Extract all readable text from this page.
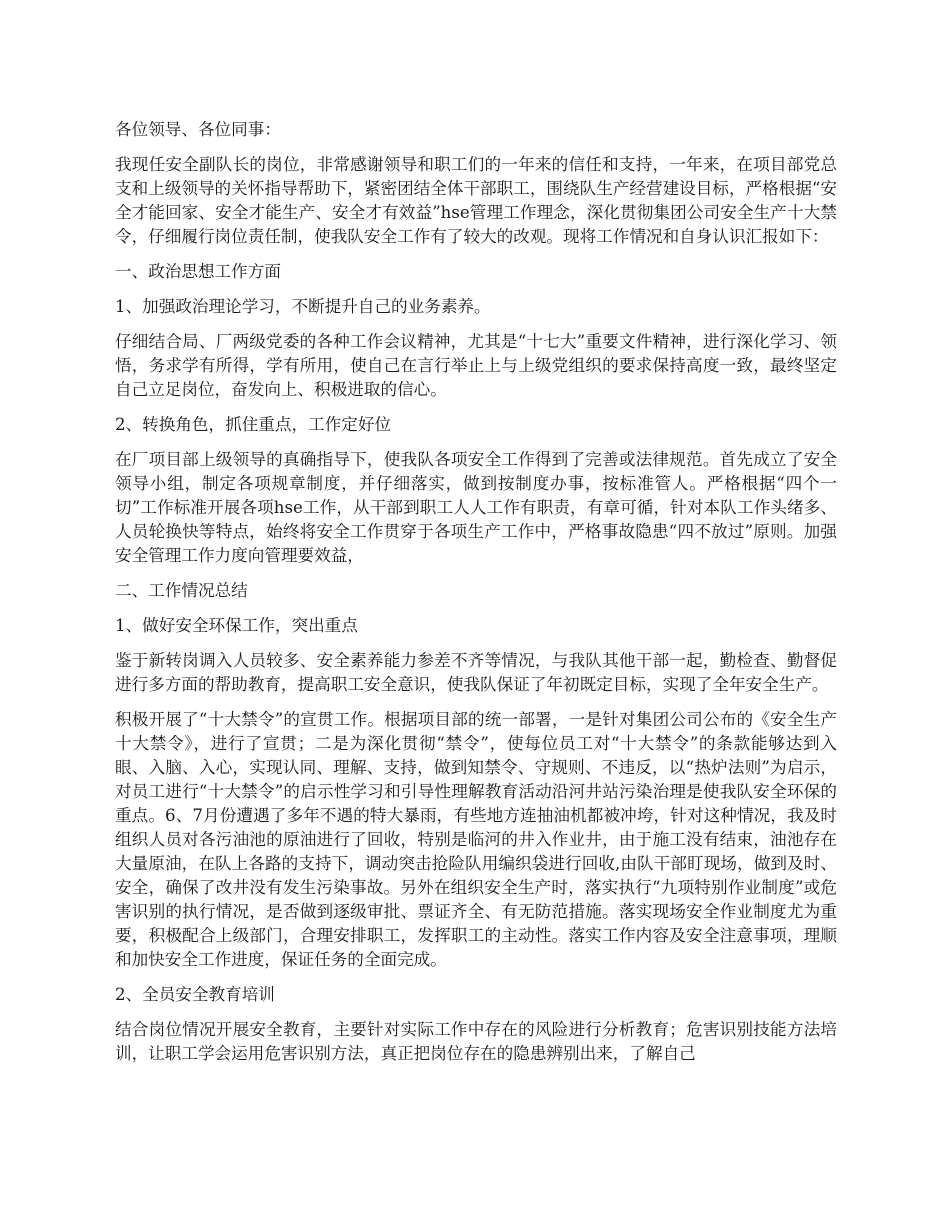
各位领导、各位同事：

我现任安全副队长的岗位，非常感谢领导和职工们的一年来的信任和支持，一年来，在项目部党总支和上级领导的关怀指导帮助下，紧密团结全体干部职工，围绕队生产经营建设目标，严格根据“安全才能回家、安全才能生产、安全才有效益”hse管理工作理念，深化贯彻集团公司安全生产十大禁令，仔细履行岗位责任制，使我队安全工作有了较大的改观。现将工作情况和自身认识汇报如下：

一、政治思想工作方面

1、加强政治理论学习，不断提升自己的业务素养。

仔细结合局、厂两级党委的各种工作会议精神，尤其是“十七大”重要文件精神，进行深化学习、领悟，务求学有所得，学有所用，使自己在言行举止上与上级党组织的要求保持高度一致，最终坚定自己立足岗位，奋发向上、积极进取的信心。

2、转换角色，抓住重点，工作定好位

在厂项目部上级领导的真确指导下，使我队各项安全工作得到了完善或法律规范。首先成立了安全领导小组，制定各项规章制度，并仔细落实，做到按制度办事，按标准管人。严格根据“四个一切”工作标准开展各项hse工作，从干部到职工人人工作有职责，有章可循，针对本队工作头绪多、人员轮换快等特点，始终将安全工作贯穿于各项生产工作中，严格事故隐患“四不放过”原则。加强安全管理工作力度向管理要效益，

二、工作情况总结

1、做好安全环保工作，突出重点

鉴于新转岗调入人员较多、安全素养能力参差不齐等情况，与我队其他干部一起，勤检查、勤督促进行多方面的帮助教育，提高职工安全意识，使我队保证了年初既定目标，实现了全年安全生产。

积极开展了“十大禁令”的宣贯工作。根据项目部的统一部署，一是针对集团公司公布的《安全生产十大禁令》，进行了宣贯；二是为深化贯彻“禁令”，使每位员工对“十大禁令”的条款能够达到入眼、入脑、入心，实现认同、理解、支持，做到知禁令、守规则、不违反，以“热炉法则”为启示，对员工进行“十大禁令”的启示性学习和引导性理解教育活动沿河井站污染治理是使我队安全环保的重点。6、7月份遭遇了多年不遇的特大暴雨，有些地方连抽油机都被冲垮，针对这种情况，我及时组织人员对各污油池的原油进行了回收，特别是临河的井入作业井，由于施工没有结束，油池存在大量原油，在队上各路的支持下，调动突击抢险队用编织袋进行回收,由队干部盯现场，做到及时、安全，确保了改井没有发生污染事故。另外在组织安全生产时，落实执行“九项特别作业制度”或危害识别的执行情况，是否做到逐级审批、票证齐全、有无防范措施。落实现场安全作业制度尤为重要，积极配合上级部门，合理安排职工，发挥职工的主动性。落实工作内容及安全注意事项，理顺和加快安全工作进度，保证任务的全面完成。

2、全员安全教育培训

结合岗位情况开展安全教育，主要针对实际工作中存在的风险进行分析教育；危害识别技能方法培训，让职工学会运用危害识别方法，真正把岗位存在的隐患辨别出来，了解自己
